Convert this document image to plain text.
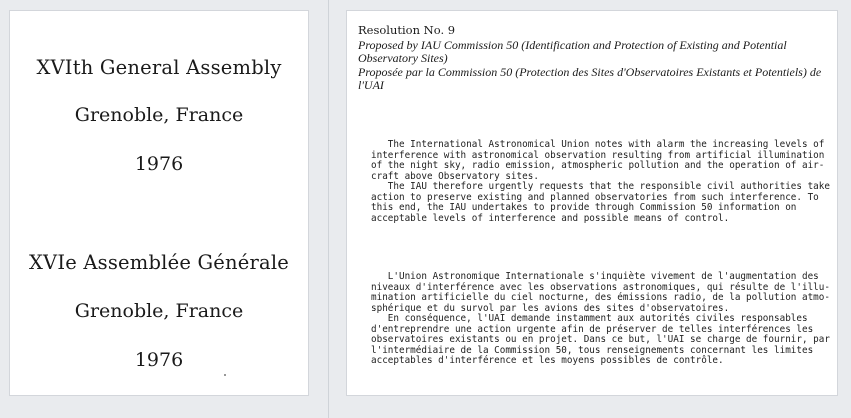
XVIth General Assembly
Grenoble, France
1976
XVIe Assemblée Générale
Grenoble, France
1976
Resolution No. 9
Proposed by IAU Commission 50 (Identification and Protection of Existing and Potential Observatory Sites)
Proposée par la Commission 50 (Protection des Sites d'Observatoires Existants et Potentiels) de l'UAI
The International Astronomical Union notes with alarm the increasing levels of
interference with astronomical observation resulting from artificial illumination
of the night sky, radio emission, atmospheric pollution and the operation of air-
craft above Observatory sites.
The IAU therefore urgently requests that the responsible civil authorities take
action to preserve existing and planned observatories from such interference. To
this end, the IAU undertakes to provide through Commission 50 information on
acceptable levels of interference and possible means of control.
L'Union Astronomique Internationale s'inquiète vivement de l'augmentation des
niveaux d'interférence avec les observations astronomiques, qui résulte de l'illu-
mination artificielle du ciel nocturne, des émissions radio, de la pollution atmo-
sphérique et du survol par les avions des sites d'observatoires.
En conséquence, l'UAI demande instamment aux autorités civiles responsables
d'entreprendre une action urgente afin de préserver de telles interférences les
observatoires existants ou en projet. Dans ce but, l'UAI se charge de fournir, par
l'intermédiaire de la Commission 50, tous renseignements concernant les limites
acceptables d'interférence et les moyens possibles de contrôle.
